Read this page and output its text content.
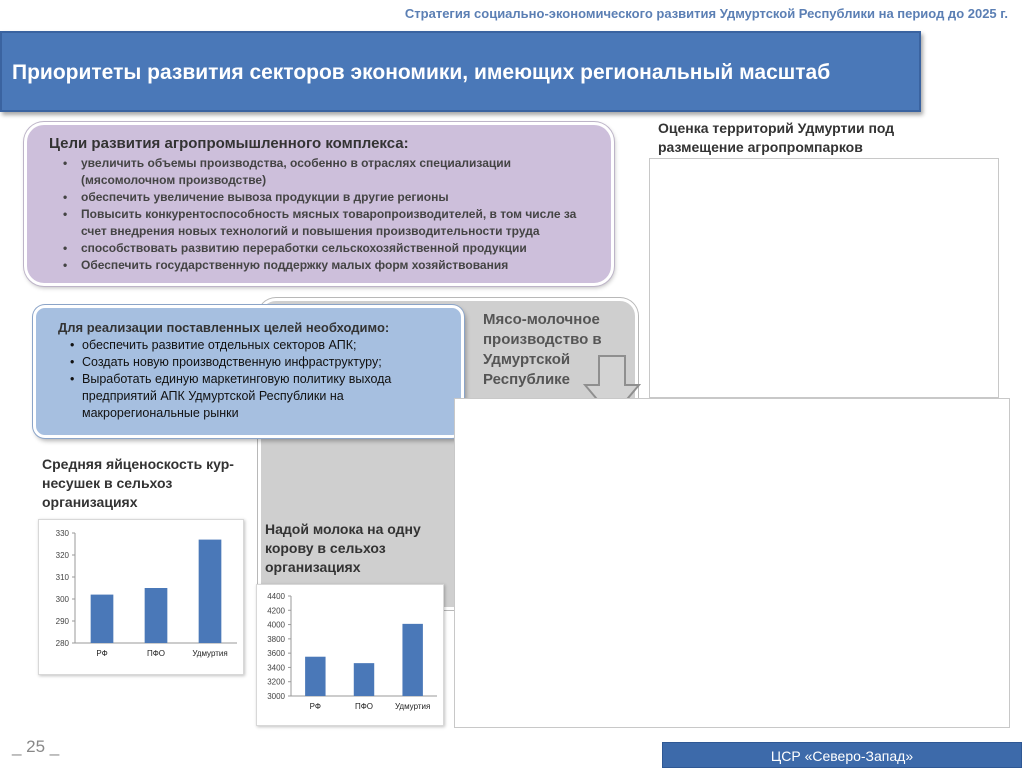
Стратегия социально-экономического развития Удмуртской Республики на период до 2025 г.
Приоритеты развития секторов экономики, имеющих региональный масштаб
Цели развития агропромышленного комплекса:
• увеличить объемы производства, особенно в отраслях специализации (мясомолочном производстве)
• обеспечить увеличение вывоза продукции в другие регионы
• Повысить конкурентоспособность мясных товаропроизводителей, в том числе за счет внедрения новых технологий и повышения производительности труда
• способствовать развитию переработки сельскохозяйственной продукции
• Обеспечить государственную поддержку малых форм хозяйствования
Мясо-молочное производство в Удмуртской Республике
Для реализации поставленных целей необходимо:
• обеспечить развитие отдельных секторов АПК;
• Создать новую производственную инфраструктуру;
• Выработать единую маркетинговую политику выхода предприятий АПК Удмуртской Республики на макрорегиональные рынки
Средняя яйценоскость кур-несушек в сельхоз организациях
280
290
300
310
320
330
РФ	ПФО	Удмуртия
Надой молока на одну корову в сельхоз организациях
3000
3200
3400
3600
3800
4000
4200
4400
РФ	ПФО	Удмуртия
Оценка территорий Удмуртии под размещение агропромпарков
_ 25 _	ЦСР «Северо-Запад»
